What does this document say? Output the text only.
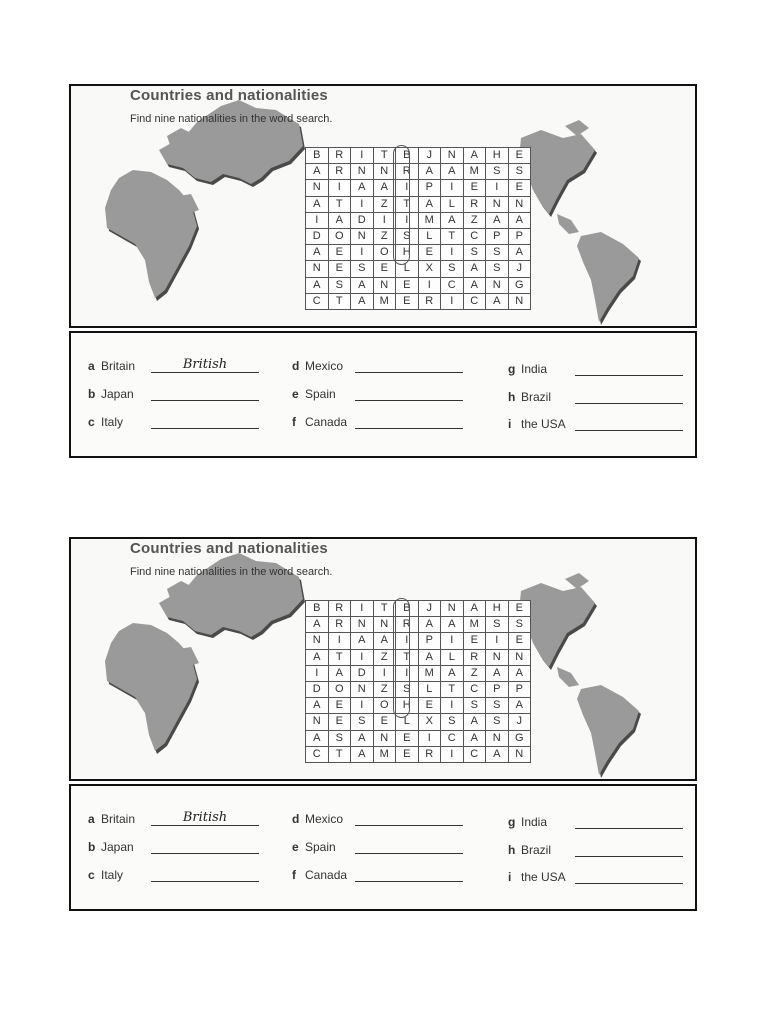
Countries and nationalities
Find nine nationalities in the word search.
B	R	I	T	B	J	N	A	H	E
A	R	N	N	R	A	A	M	S	S
N	I	A	A	I	P	I	E	I	E
A	T	I	Z	T	A	L	R	N	N
I	A	D	I	I	M	A	Z	A	A
D	O	N	Z	S	L	T	C	P	P
A	E	I	O	H	E	I	S	S	A
N	E	S	E	L	X	S	A	S	J
A	S	A	N	E	I	C	A	N	G
C	T	A	M	E	R	I	C	A	N
a Britain	British
b Japan
c Italy
d Mexico
e Spain
f Canada
g India
h Brazil
i the USA
Countries and nationalities
Find nine nationalities in the word search.
B	R	I	T	B	J	N	A	H	E
A	R	N	N	R	A	A	M	S	S
N	I	A	A	I	P	I	E	I	E
A	T	I	Z	T	A	L	R	N	N
I	A	D	I	I	M	A	Z	A	A
D	O	N	Z	S	L	T	C	P	P
A	E	I	O	H	E	I	S	S	A
N	E	S	E	L	X	S	A	S	J
A	S	A	N	E	I	C	A	N	G
C	T	A	M	E	R	I	C	A	N
a Britain	British
b Japan
c Italy
d Mexico
e Spain
f Canada
g India
h Brazil
i the USA
